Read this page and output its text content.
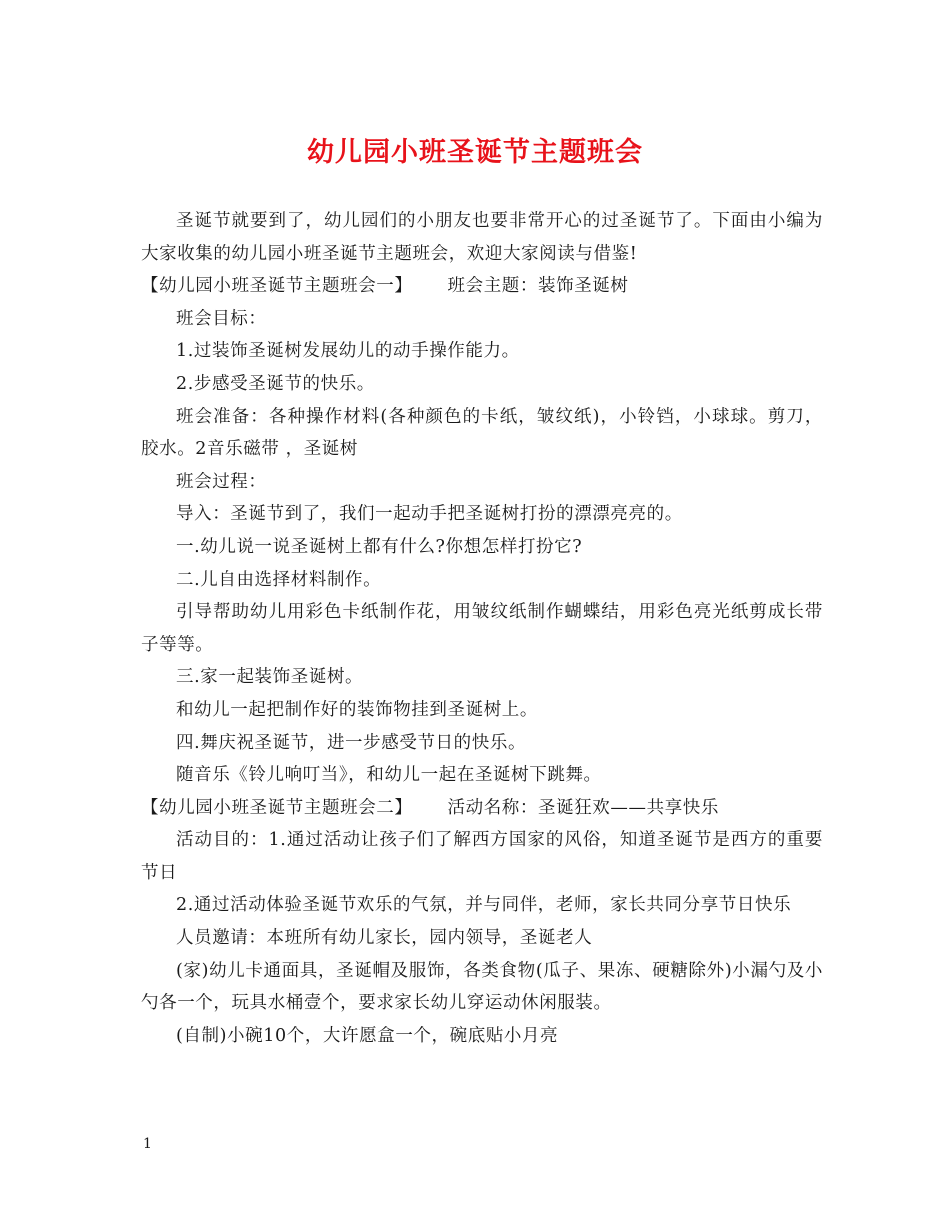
幼儿园小班圣诞节主题班会

圣诞节就要到了，幼儿园们的小朋友也要非常开心的过圣诞节了。下面由小编为大家收集的幼儿园小班圣诞节主题班会，欢迎大家阅读与借鉴!

【幼儿园小班圣诞节主题班会一】 班会主题：装饰圣诞树

班会目标：

1.过装饰圣诞树发展幼儿的动手操作能力。

2.步感受圣诞节的快乐。

班会准备：各种操作材料(各种颜色的卡纸，皱纹纸)，小铃铛，小球球。剪刀，胶水。2音乐磁带 ，圣诞树

班会过程：

导入：圣诞节到了，我们一起动手把圣诞树打扮的漂漂亮亮的。

一.幼儿说一说圣诞树上都有什么?你想怎样打扮它?

二.儿自由选择材料制作。

引导帮助幼儿用彩色卡纸制作花，用皱纹纸制作蝴蝶结，用彩色亮光纸剪成长带子等等。

三.家一起装饰圣诞树。

和幼儿一起把制作好的装饰物挂到圣诞树上。

四.舞庆祝圣诞节，进一步感受节日的快乐。

随音乐《铃儿响叮当》，和幼儿一起在圣诞树下跳舞。

【幼儿园小班圣诞节主题班会二】 活动名称：圣诞狂欢——共享快乐

活动目的：1.通过活动让孩子们了解西方国家的风俗，知道圣诞节是西方的重要节日

2.通过活动体验圣诞节欢乐的气氛，并与同伴，老师，家长共同分享节日快乐

人员邀请：本班所有幼儿家长，园内领导，圣诞老人

(家)幼儿卡通面具，圣诞帽及服饰，各类食物(瓜子、果冻、硬糖除外)小漏勺及小勺各一个，玩具水桶壹个，要求家长幼儿穿运动休闲服装。

(自制)小碗10个，大许愿盒一个，碗底贴小月亮

1
